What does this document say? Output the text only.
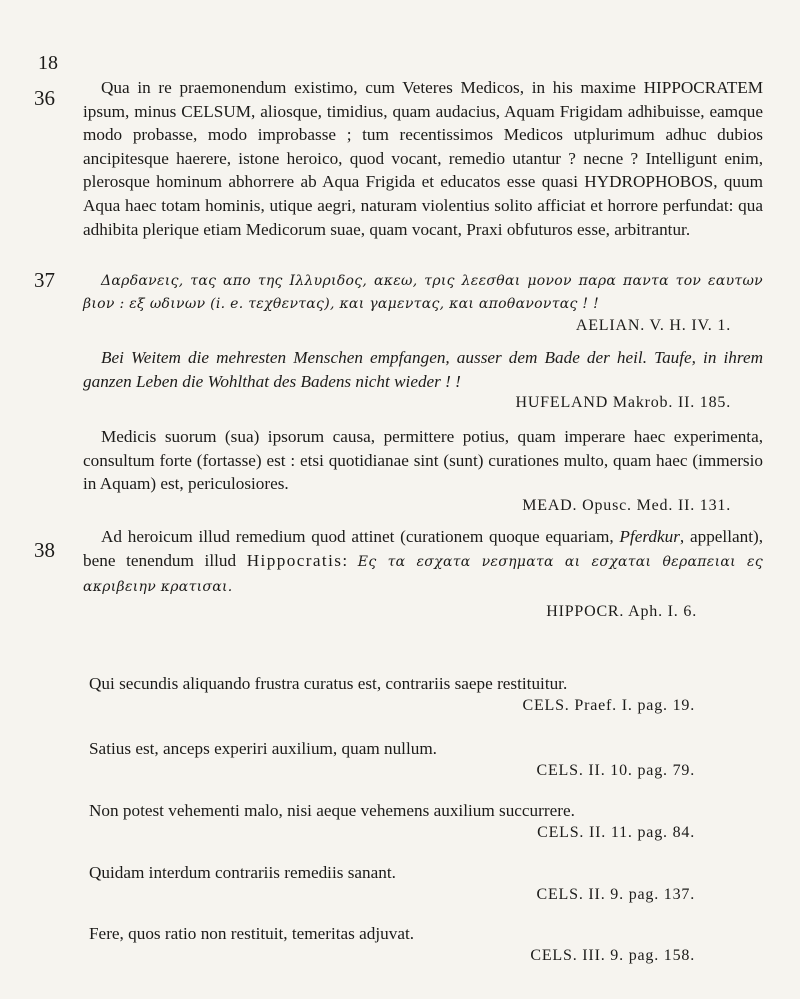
18
36
37
38

Qua in re praemonendum existimo, cum Veteres Medicos, in his maxime HIPPOCRATEM ipsum, minus CELSUM, aliosque, timidius, quam audacius, Aquam Frigidam adhibuisse, eamque modo probasse, modo improbasse ; tum recentissimos Medicos utplurimum adhuc dubios ancipitesque haerere, istone heroico, quod vocant, remedio utantur ? necne ? Intelligunt enim, plerosque hominum abhorrere ab Aqua Frigida et educatos esse quasi HYDROPHOBOS, quum Aqua haec totam hominis, utique aegri, naturam violentius solito afficiat et horrore perfundat: qua adhibita plerique etiam Medicorum suae, quam vocant, Praxi obfuturos esse, arbitrantur.

Δαρδανεις, τας απο της Ιλλυριδος, ακεω, τρις λεεσθαι μονον παρα παντα τον εαυτων βιον : εξ ωδινων (i. e. τεχθεντας), και γαμεντας, και αποθανοντας ! !

AELIAN. V. H. IV. 1.

Bei Weitem die mehresten Menschen empfangen, ausser dem Bade der heil. Taufe, in ihrem ganzen Leben die Wohlthat des Badens nicht wieder ! !

HUFELAND Makrob. II. 185.

Medicis suorum (sua) ipsorum causa, permittere potius, quam imperare haec experimenta, consultum forte (fortasse) est : etsi quotidianae sint (sunt) curationes multo, quam haec (immersio in Aquam) est, periculosiores.

MEAD. Opusc. Med. II. 131.

Ad heroicum illud remedium quod attinet (curationem quoque equariam, Pferdkur, appellant), bene tenendum illud Hippocratis: Ες τα εσχατα νεσηματα αι εσχαται θεραπειαι ες ακριβειην κρατισαι.

HIPPOCR. Aph. I. 6.

Qui secundis aliquando frustra curatus est, contrariis saepe restituitur.

CELS. Praef. I. pag. 19.

Satius est, anceps experiri auxilium, quam nullum.

CELS. II. 10. pag. 79.

Non potest vehementi malo, nisi aeque vehemens auxilium succurrere.

CELS. II. 11. pag. 84.

Quidam interdum contrariis remediis sanant.

CELS. II. 9. pag. 137.

Fere, quos ratio non restituit, temeritas adjuvat.

CELS. III. 9. pag. 158.
